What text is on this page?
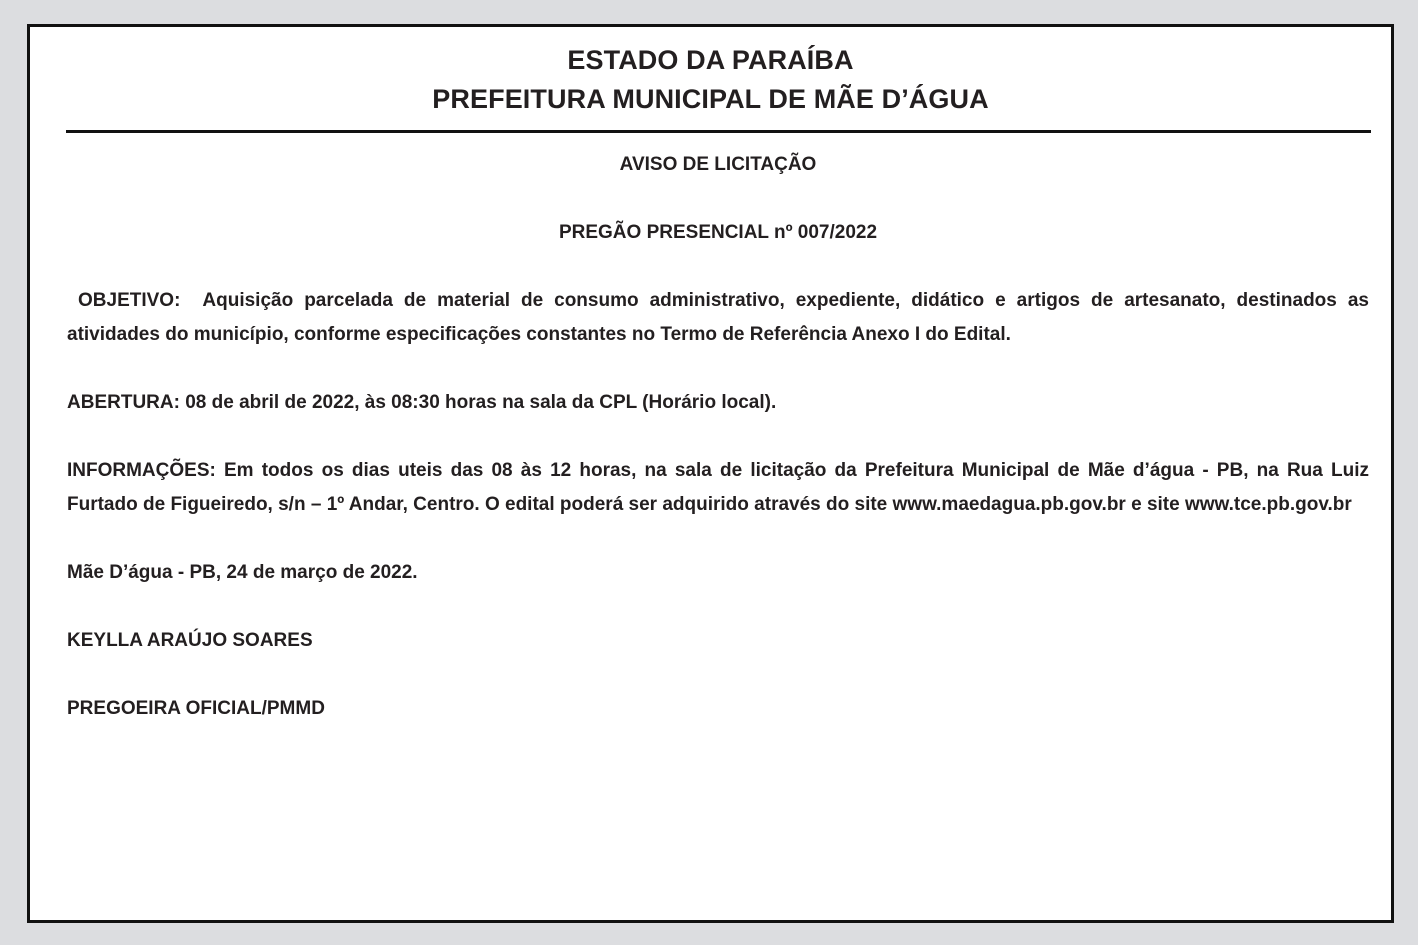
ESTADO DA PARAÍBA
PREFEITURA MUNICIPAL DE MÃE D’ÁGUA

AVISO DE LICITAÇÃO

PREGÃO PRESENCIAL nº 007/2022

OBJETIVO: Aquisição parcelada de material de consumo administrativo, expediente, didático e artigos de artesanato, destinados as atividades do município, conforme especificações constantes no Termo de Referência Anexo I do Edital.

ABERTURA: 08 de abril de 2022, às 08:30 horas na sala da CPL (Horário local).

INFORMAÇÕES: Em todos os dias uteis das 08 às 12 horas, na sala de licitação da Prefeitura Municipal de Mãe d’água - PB, na Rua Luiz Furtado de Figueiredo, s/n – 1º Andar, Centro. O edital poderá ser adquirido através do site www.maedagua.pb.gov.br e site www.tce.pb.gov.br

Mãe D’água - PB, 24 de março de 2022.

KEYLLA ARAÚJO SOARES

PREGOEIRA OFICIAL/PMMD
